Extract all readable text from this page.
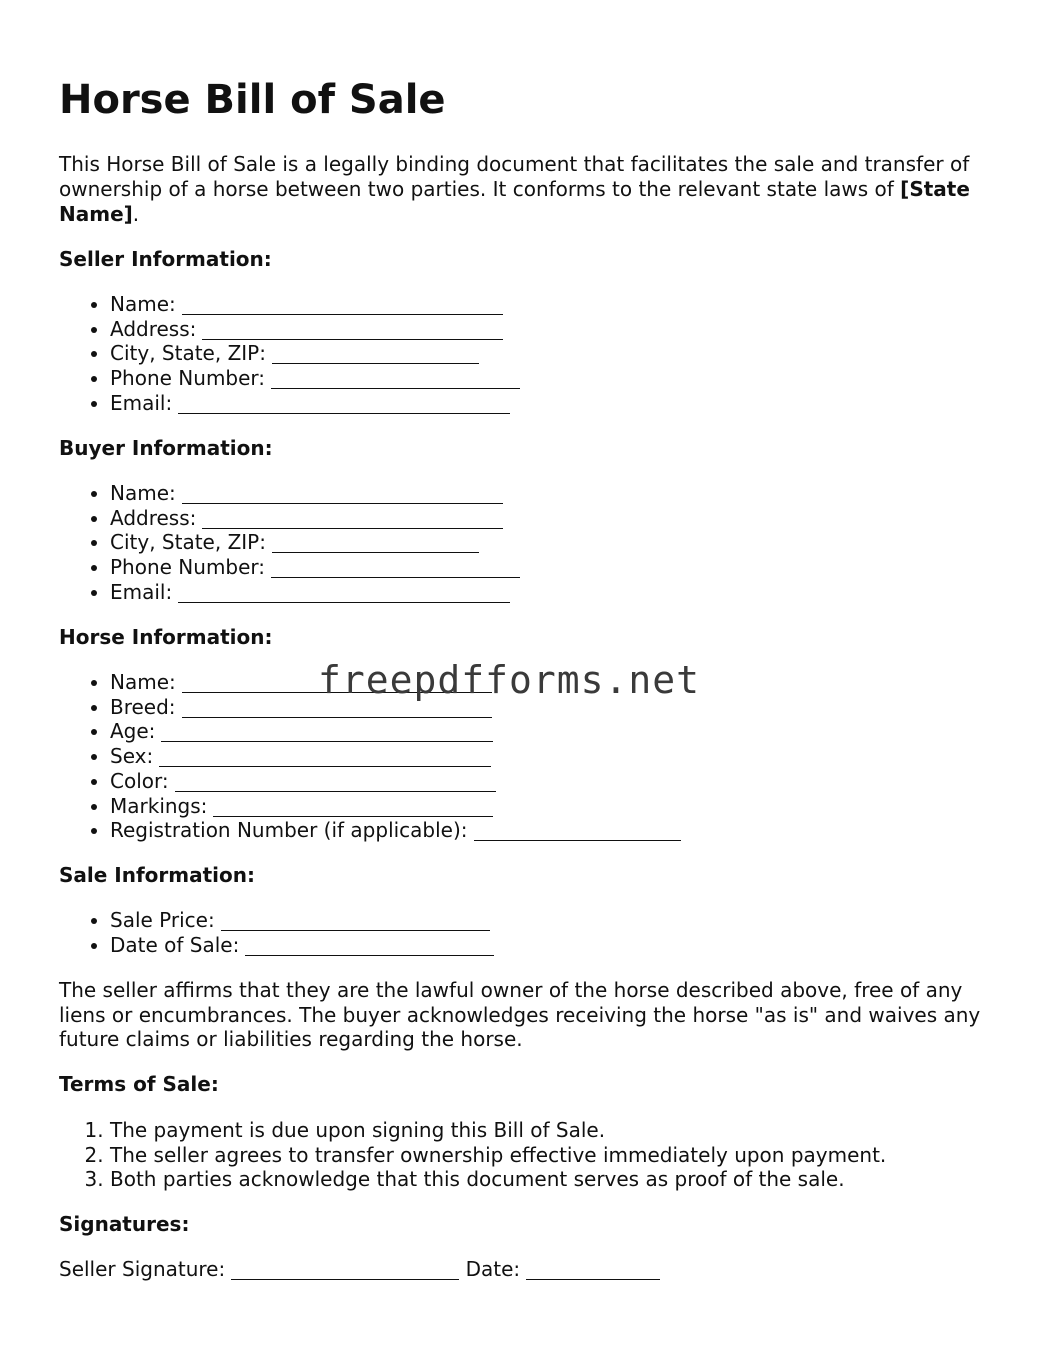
Horse Bill of Sale

This Horse Bill of Sale is a legally binding document that facilitates the sale and transfer of ownership of a horse between two parties. It conforms to the relevant state laws of [State Name].

Seller Information:

• Name:
• Address:
• City, State, ZIP:
• Phone Number:
• Email:

Buyer Information:

• Name:
• Address:
• City, State, ZIP:
• Phone Number:
• Email:

Horse Information:

• Name:
• Breed:
• Age:
• Sex:
• Color:
• Markings:
• Registration Number (if applicable):

Sale Information:

• Sale Price:
• Date of Sale:

The seller affirms that they are the lawful owner of the horse described above, free of any liens or encumbrances. The buyer acknowledges receiving the horse "as is" and waives any future claims or liabilities regarding the horse.

Terms of Sale:

1. The payment is due upon signing this Bill of Sale.
2. The seller agrees to transfer ownership effective immediately upon payment.
3. Both parties acknowledge that this document serves as proof of the sale.

Signatures:

Seller Signature:	Date:

freepdfforms.net
